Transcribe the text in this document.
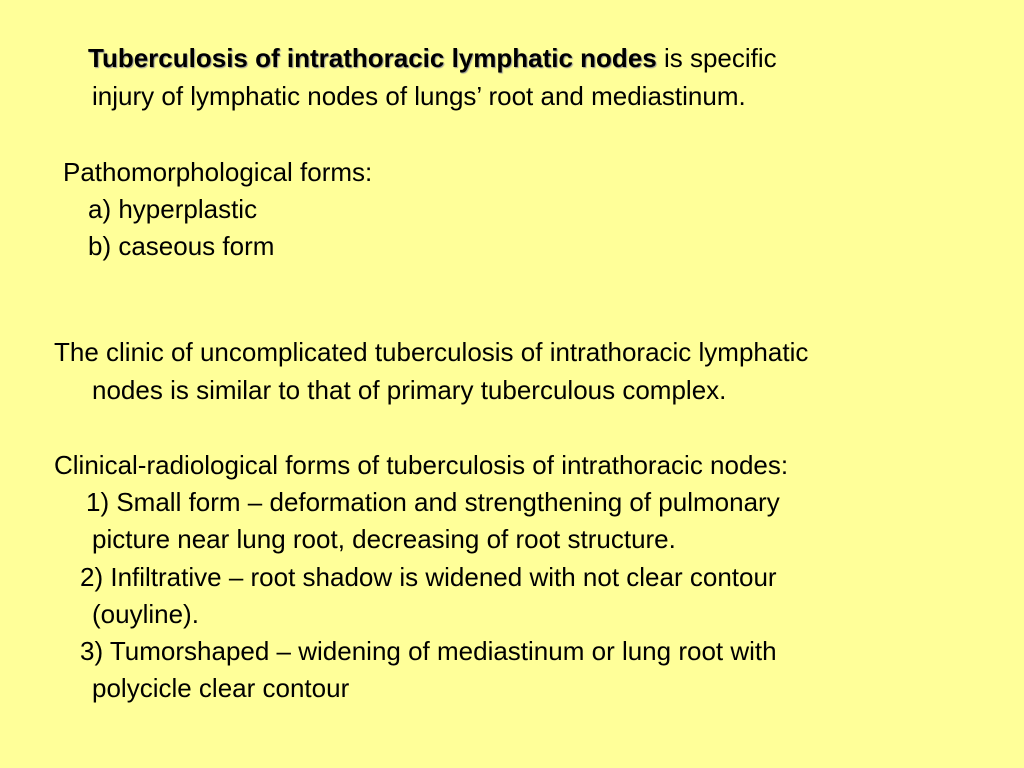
Tuberculosis of intrathoracic lymphatic nodes is specific
injury of lymphatic nodes of lungs’ root and mediastinum.
Pathomorphological forms:
a) hyperplastic
b) caseous form
The clinic of uncomplicated tuberculosis of intrathoracic lymphatic
nodes is similar to that of primary tuberculous complex.
Clinical-radiological forms of tuberculosis of intrathoracic nodes:
1) Small form – deformation and strengthening of pulmonary
picture near lung root, decreasing of root structure.
2) Infiltrative – root shadow is widened with not clear contour
(ouyline).
3) Tumorshaped – widening of mediastinum or lung root with
polycicle clear contour
